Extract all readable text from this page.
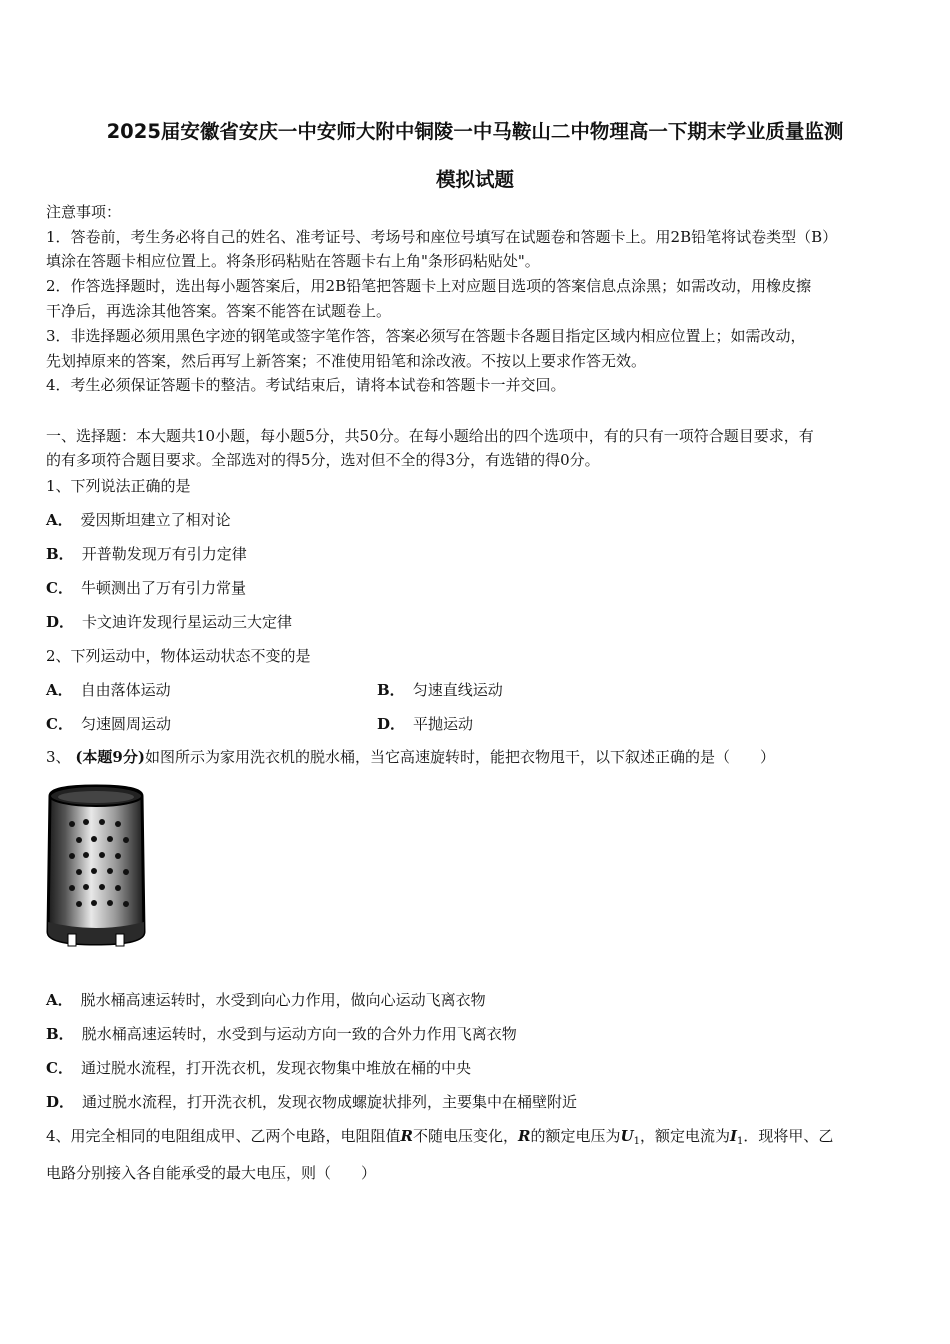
2025届安徽省安庆一中安师大附中铜陵一中马鞍山二中物理高一下期末学业质量监测
模拟试题
注意事项：
1．答卷前，考生务必将自己的姓名、准考证号、考场号和座位号填写在试题卷和答题卡上。用2B铅笔将试卷类型（B）
填涂在答题卡相应位置上。将条形码粘贴在答题卡右上角"条形码粘贴处"。
2．作答选择题时，选出每小题答案后，用2B铅笔把答题卡上对应题目选项的答案信息点涂黑；如需改动，用橡皮擦
干净后，再选涂其他答案。答案不能答在试题卷上。
3．非选择题必须用黑色字迹的钢笔或签字笔作答，答案必须写在答题卡各题目指定区域内相应位置上；如需改动，
先划掉原来的答案，然后再写上新答案；不准使用铅笔和涂改液。不按以上要求作答无效。
4．考生必须保证答题卡的整洁。考试结束后，请将本试卷和答题卡一并交回。
一、选择题：本大题共10小题，每小题5分，共50分。在每小题给出的四个选项中，有的只有一项符合题目要求，有
的有多项符合题目要求。全部选对的得5分，选对但不全的得3分，有选错的得0分。
1、下列说法正确的是
A． 爱因斯坦建立了相对论
B． 开普勒发现万有引力定律
C． 牛顿测出了万有引力常量
D． 卡文迪许发现行星运动三大定律
2、下列运动中，物体运动状态不变的是
A． 自由落体运动	B． 匀速直线运动
C． 匀速圆周运动	D． 平抛运动
3、 (本题9分)如图所示为家用洗衣机的脱水桶，当它高速旋转时，能把衣物甩干，以下叙述正确的是（　　）
A． 脱水桶高速运转时，水受到向心力作用，做向心运动飞离衣物
B． 脱水桶高速运转时，水受到与运动方向一致的合外力作用飞离衣物
C． 通过脱水流程，打开洗衣机，发现衣物集中堆放在桶的中央
D． 通过脱水流程，打开洗衣机，发现衣物成螺旋状排列，主要集中在桶壁附近
4、用完全相同的电阻组成甲、乙两个电路，电阻阻值R不随电压变化，R的额定电压为$U_1$，额定电流为$I_1$．现将甲、乙
电路分别接入各自能承受的最大电压，则（　　）
